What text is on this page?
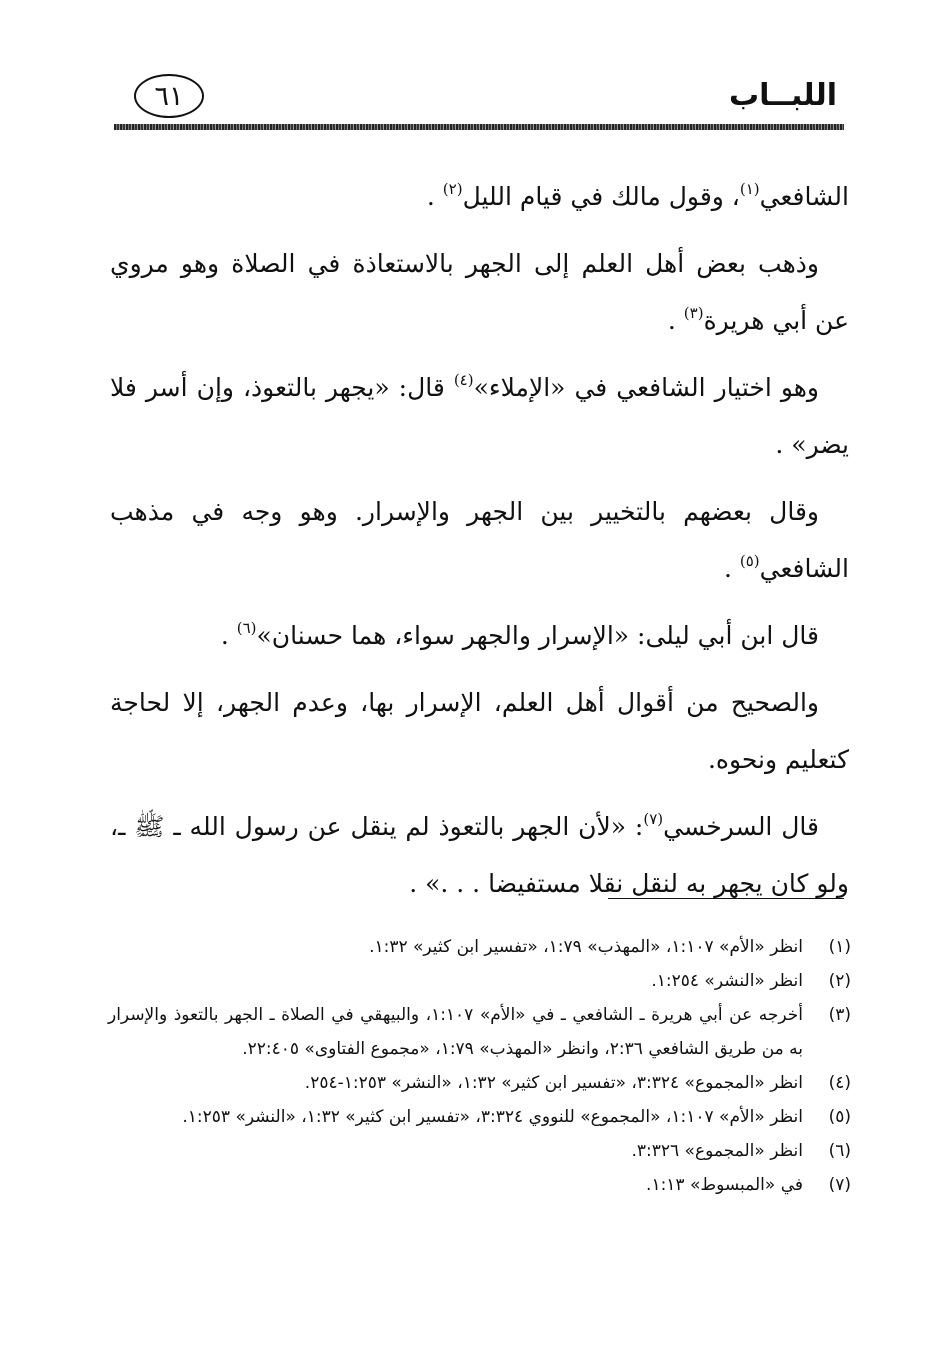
اللبــاب
٦١

الشافعي$^{(١)}$، وقول مالك في قيام الليل$^{(٢)}$ .

وذهب بعض أهل العلم إلى الجهر بالاستعاذة في الصلاة وهو مروي عن أبي هريرة$^{(٣)}$ .

وهو اختيار الشافعي في «الإملاء»$^{(٤)}$ قال: «يجهر بالتعوذ، وإن أسر فلا يضر» .

وقال بعضهم بالتخيير بين الجهر والإسرار. وهو وجه في مذهب الشافعي$^{(٥)}$ .

قال ابن أبي ليلى: «الإسرار والجهر سواء، هما حسنان»$^{(٦)}$ .

والصحيح من أقوال أهل العلم، الإسرار بها، وعدم الجهر، إلا لحاجة كتعليم ونحوه.

قال السرخسي$^{(٧)}$: «لأن الجهر بالتعوذ لم ينقل عن رسول الله ـ ﷺ ـ، ولو كان يجهر به لنقل نقلا مستفيضا . . .» .

(١)
انظر «الأم» ١:١٠٧، «المهذب» ١:٧٩، «تفسير ابن كثير» ١:٣٢.
(٢)
انظر «النشر» ١:٢٥٤.
(٣)
أخرجه عن أبي هريرة ـ الشافعي ـ في «الأم» ١:١٠٧، والبيهقي في الصلاة ـ الجهر بالتعوذ والإسرار به من طريق الشافعي ٢:٣٦، وانظر «المهذب» ١:٧٩، «مجموع الفتاوى» ٢٢:٤٠٥.
(٤)
انظر «المجموع» ٣:٣٢٤، «تفسير ابن كثير» ١:٣٢، «النشر» ١:٢٥٣-٢٥٤.
(٥)
انظر «الأم» ١:١٠٧، «المجموع» للنووي ٣:٣٢٤، «تفسير ابن كثير» ١:٣٢، «النشر» ١:٢٥٣.
(٦)
انظر «المجموع» ٣:٣٢٦.
(٧)
في «المبسوط» ١:١٣.
